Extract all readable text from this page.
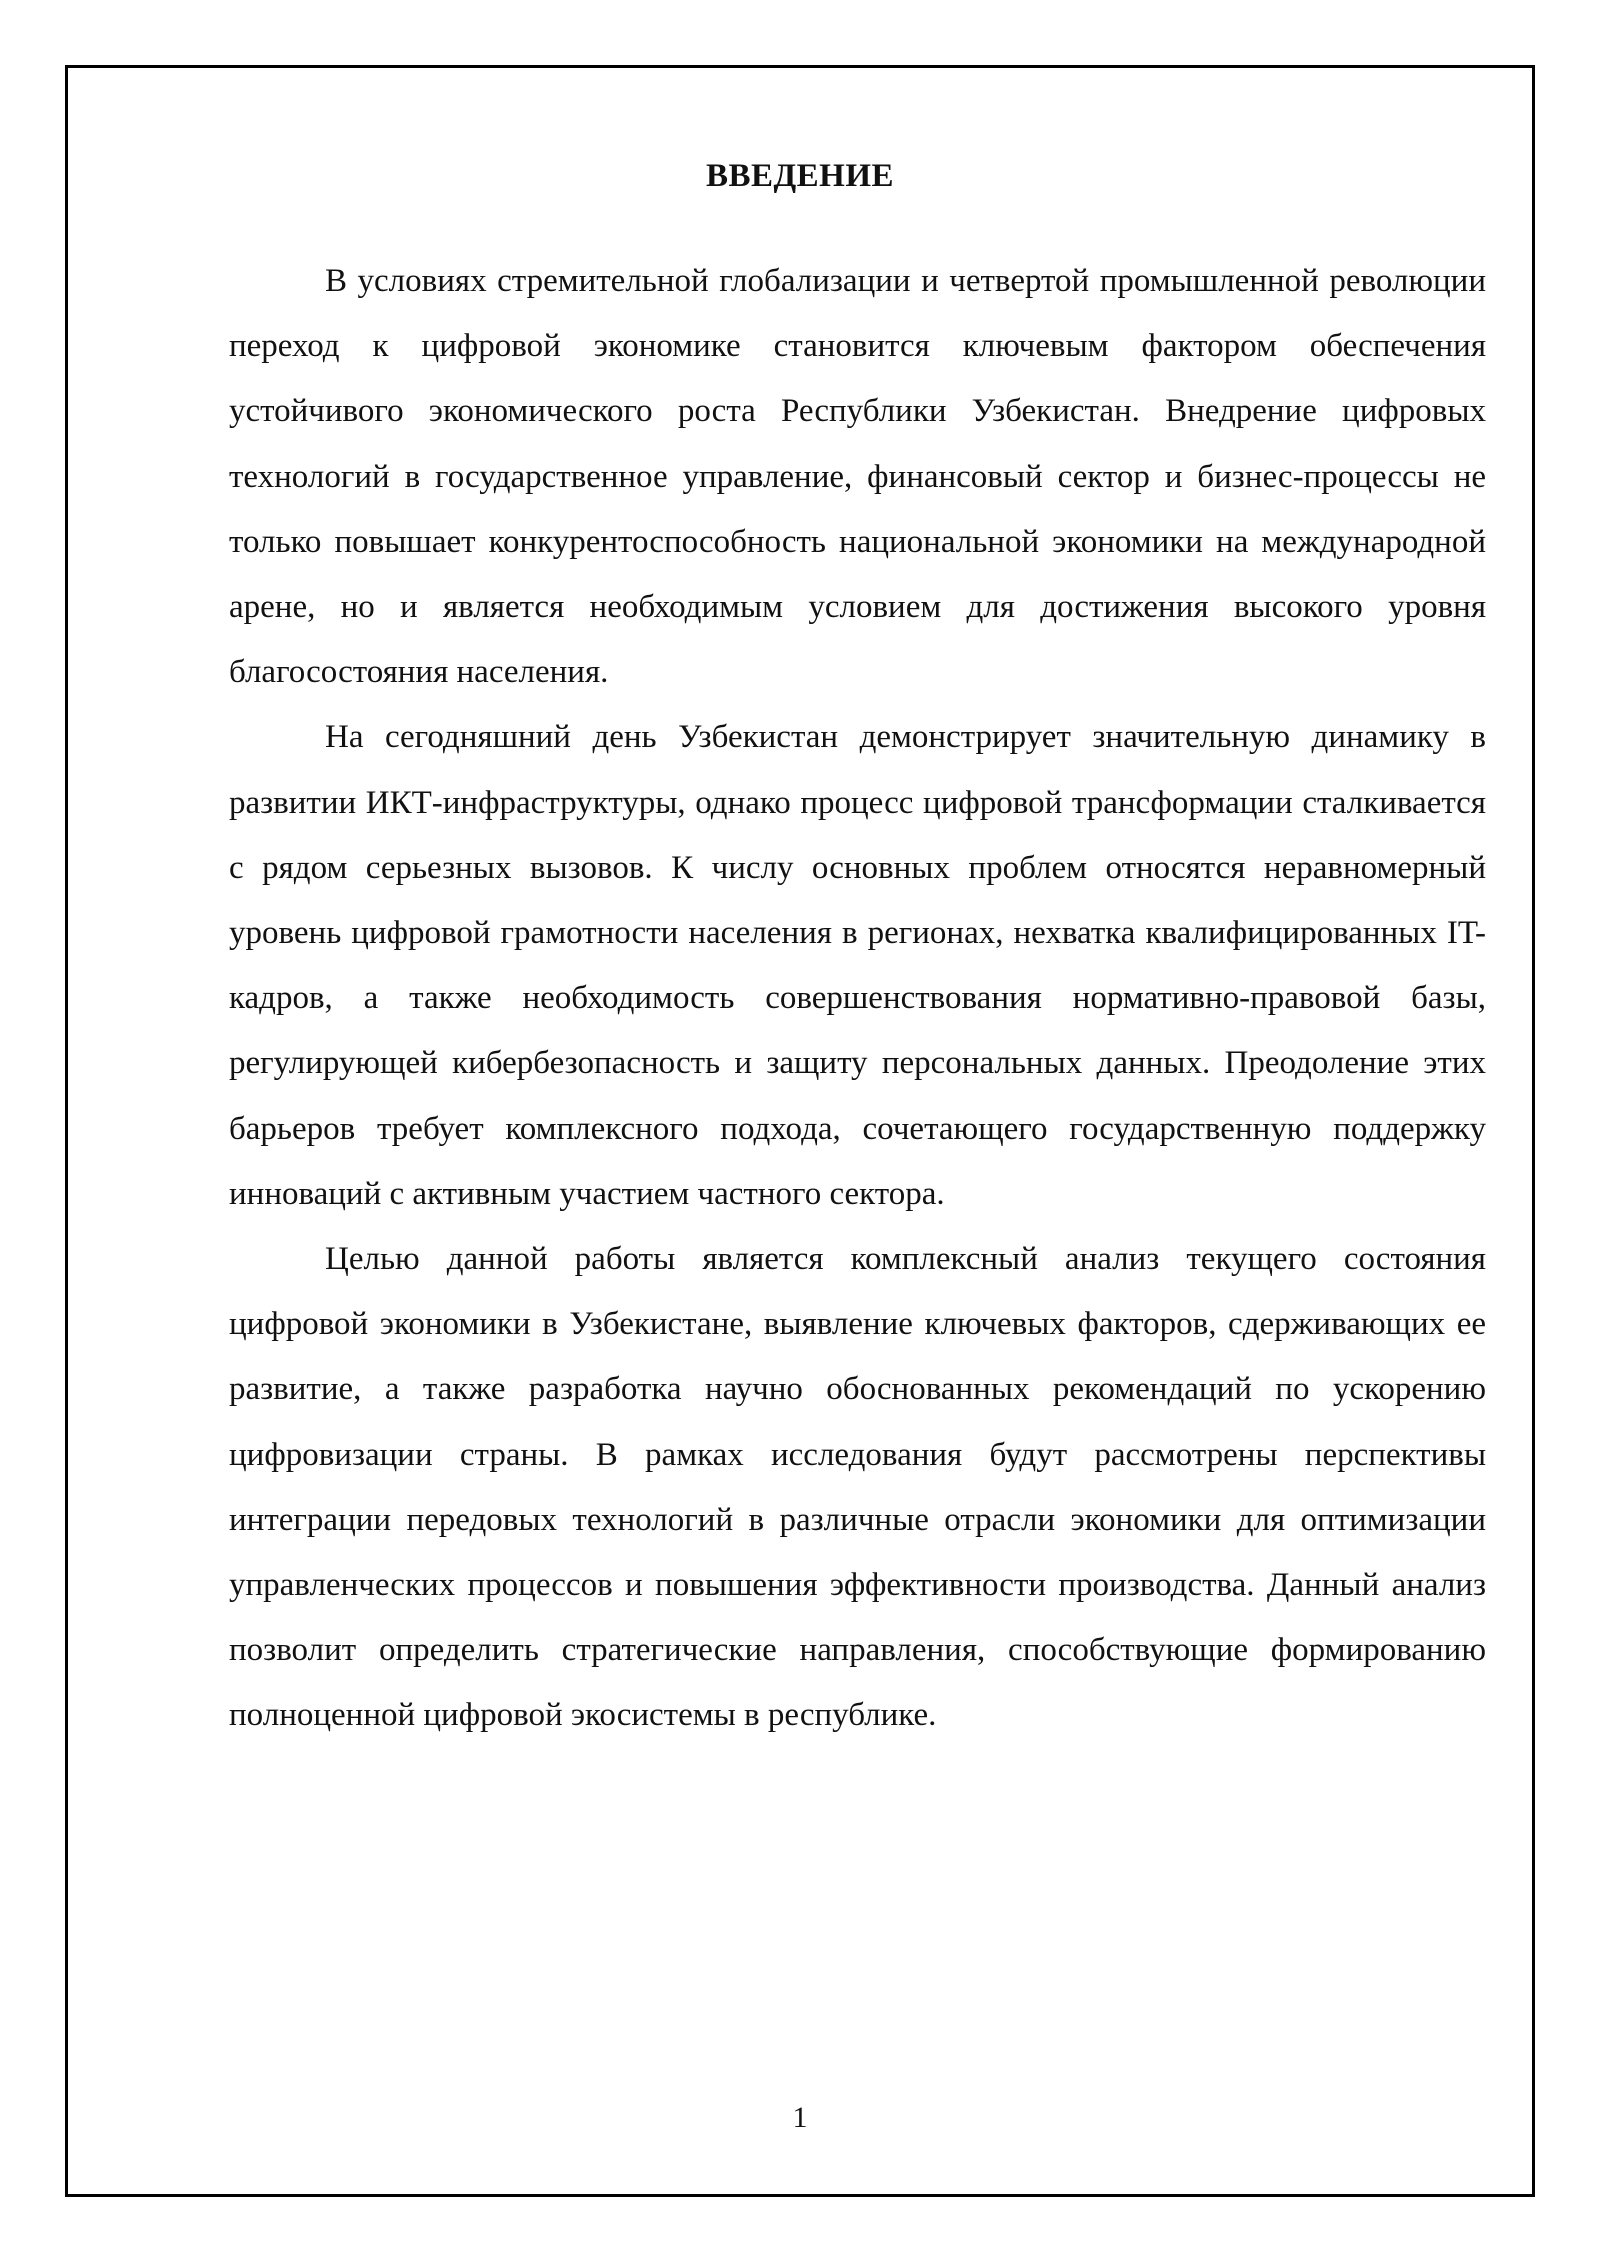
ВВЕДЕНИЕ

В условиях стремительной глобализации и четвертой промышленной революции переход к цифровой экономике становится ключевым фактором обеспечения устойчивого экономического роста Республики Узбекистан. Внедрение цифровых технологий в государственное управление, финансовый сектор и бизнес-процессы не только повышает конкурентоспособность национальной экономики на международной арене, но и является необходимым условием для достижения высокого уровня благосостояния населения.

На сегодняшний день Узбекистан демонстрирует значительную динамику в развитии ИКТ-инфраструктуры, однако процесс цифровой трансформации сталкивается с рядом серьезных вызовов. К числу основных проблем относятся неравномерный уровень цифровой грамотности населения в регионах, нехватка квалифицированных IT-кадров, а также необходимость совершенствования нормативно-правовой базы, регулирующей кибербезопасность и защиту персональных данных. Преодоление этих барьеров требует комплексного подхода, сочетающего государственную поддержку инноваций с активным участием частного сектора.

Целью данной работы является комплексный анализ текущего состояния цифровой экономики в Узбекистане, выявление ключевых факторов, сдерживающих ее развитие, а также разработка научно обоснованных рекомендаций по ускорению цифровизации страны. В рамках исследования будут рассмотрены перспективы интеграции передовых технологий в различные отрасли экономики для оптимизации управленческих процессов и повышения эффективности производства. Данный анализ позволит определить стратегические направления, способствующие формированию полноценной цифровой экосистемы в республике.

1
